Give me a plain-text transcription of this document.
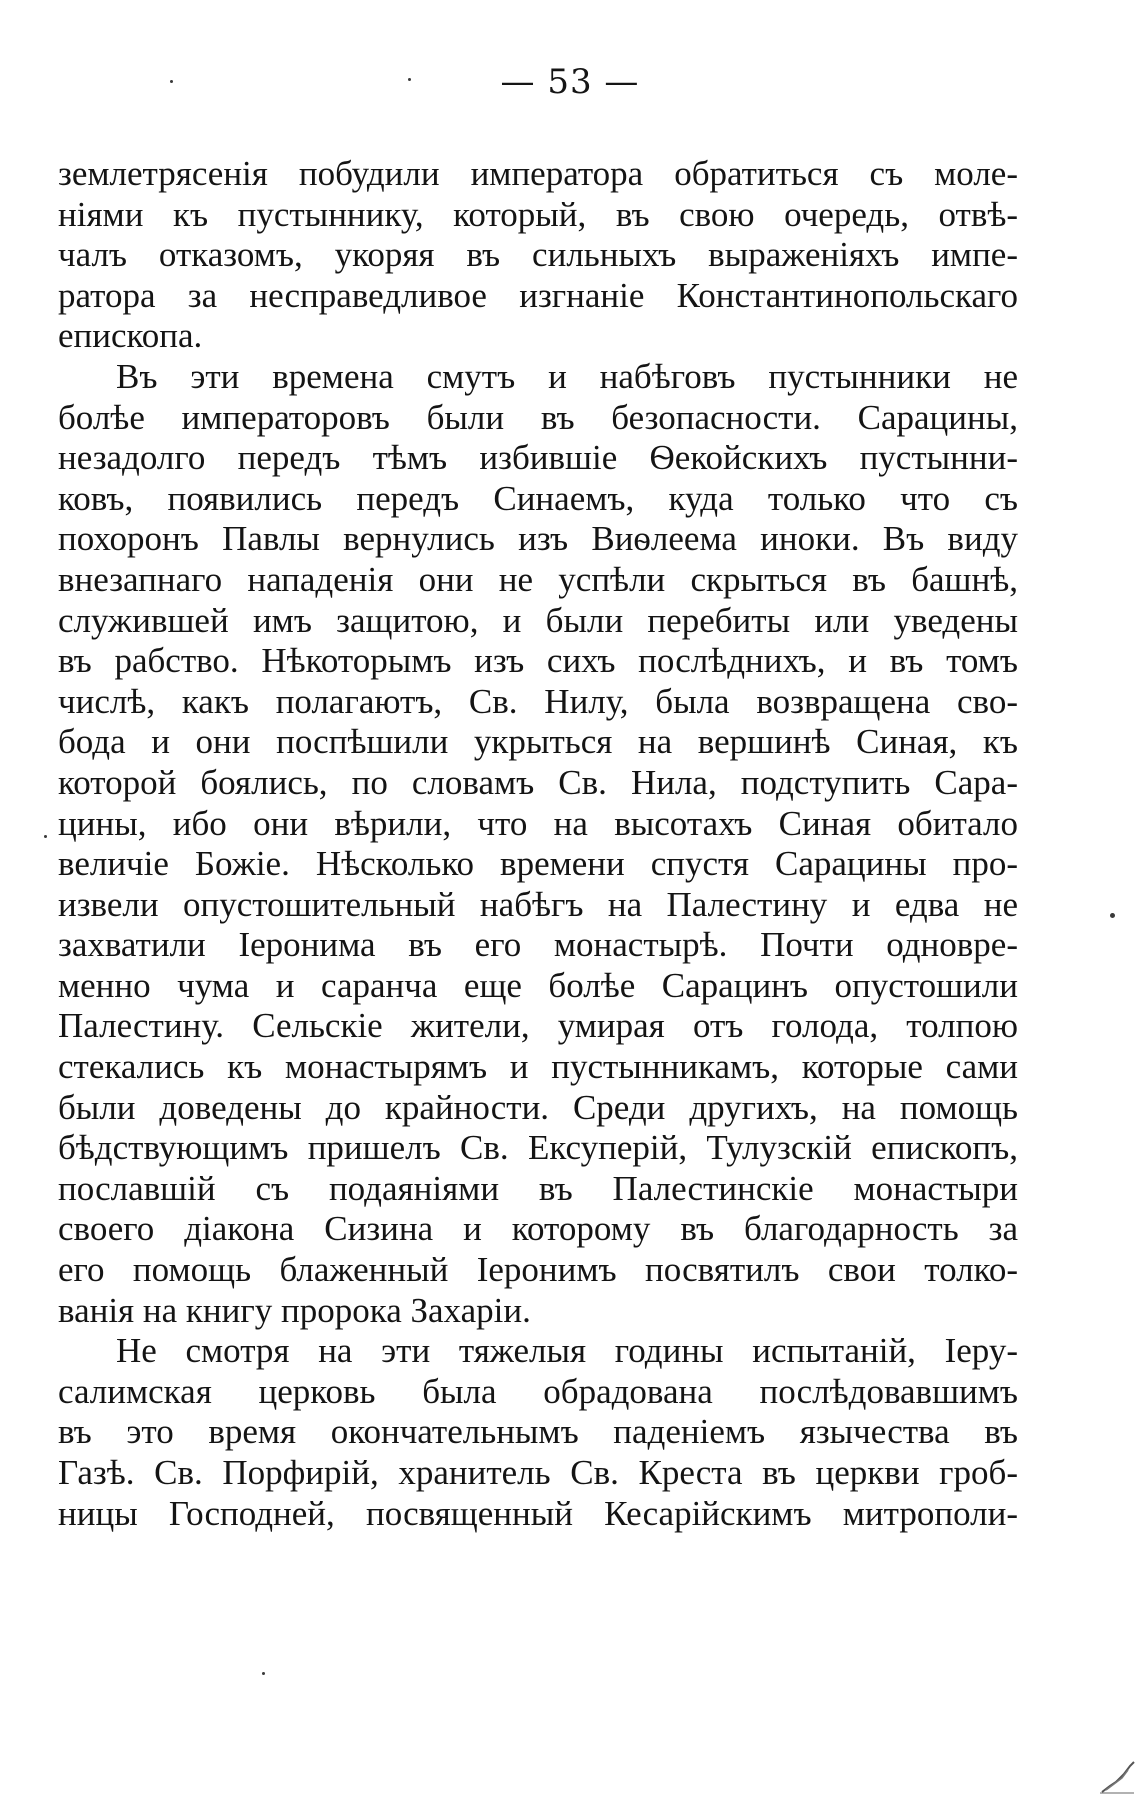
— 53 —
землетрясенія побудили императора обратиться съ моле-
ніями къ пустыннику, который, въ свою очередь, отвѣ-
чалъ отказомъ, укоряя въ сильныхъ выраженіяхъ импе-
ратора за несправедливое изгнаніе Константинопольскаго
епископа.
Въ эти времена смутъ и набѣговъ пустынники не
болѣе императоровъ были въ безопасности. Сарацины,
незадолго передъ тѣмъ избившіе Ѳекойскихъ пустынни-
ковъ, появились передъ Синаемъ, куда только что съ
похоронъ Павлы вернулись изъ Виѳлеема иноки. Въ виду
внезапнаго нападенія они не успѣли скрыться въ башнѣ,
служившей имъ защитою, и были перебиты или уведены
въ рабство. Нѣкоторымъ изъ сихъ послѣднихъ, и въ томъ
числѣ, какъ полагаютъ, Св. Нилу, была возвращена сво-
бода и они поспѣшили укрыться на вершинѣ Синая, къ
которой боялись, по словамъ Св. Нила, подступить Сара-
цины, ибо они вѣрили, что на высотахъ Синая обитало
величіе Божіе. Нѣсколько времени спустя Сарацины про-
извели опустошительный набѣгъ на Палестину и едва не
захватили Іеронима въ его монастырѣ. Почти одновре-
менно чума и саранча еще болѣе Сарацинъ опустошили
Палестину. Сельскіе жители, умирая отъ голода, толпою
стекались къ монастырямъ и пустынникамъ, которые сами
были доведены до крайности. Среди другихъ, на помощь
бѣдствующимъ пришелъ Св. Ексуперій, Тулузскій епископъ,
пославшій съ подаяніями въ Палестинскіе монастыри
своего діакона Сизина и которому въ благодарность за
его помощь блаженный Іеронимъ посвятилъ свои толко-
ванія на книгу пророка Захаріи.
Не смотря на эти тяжелыя годины испытаній, Іеру-
салимская церковь была обрадована послѣдовавшимъ
въ это время окончательнымъ паденіемъ язычества въ
Газѣ. Св. Порфирій, хранитель Св. Креста въ церкви гроб-
ницы Господней, посвященный Кесарійскимъ митрополи-
